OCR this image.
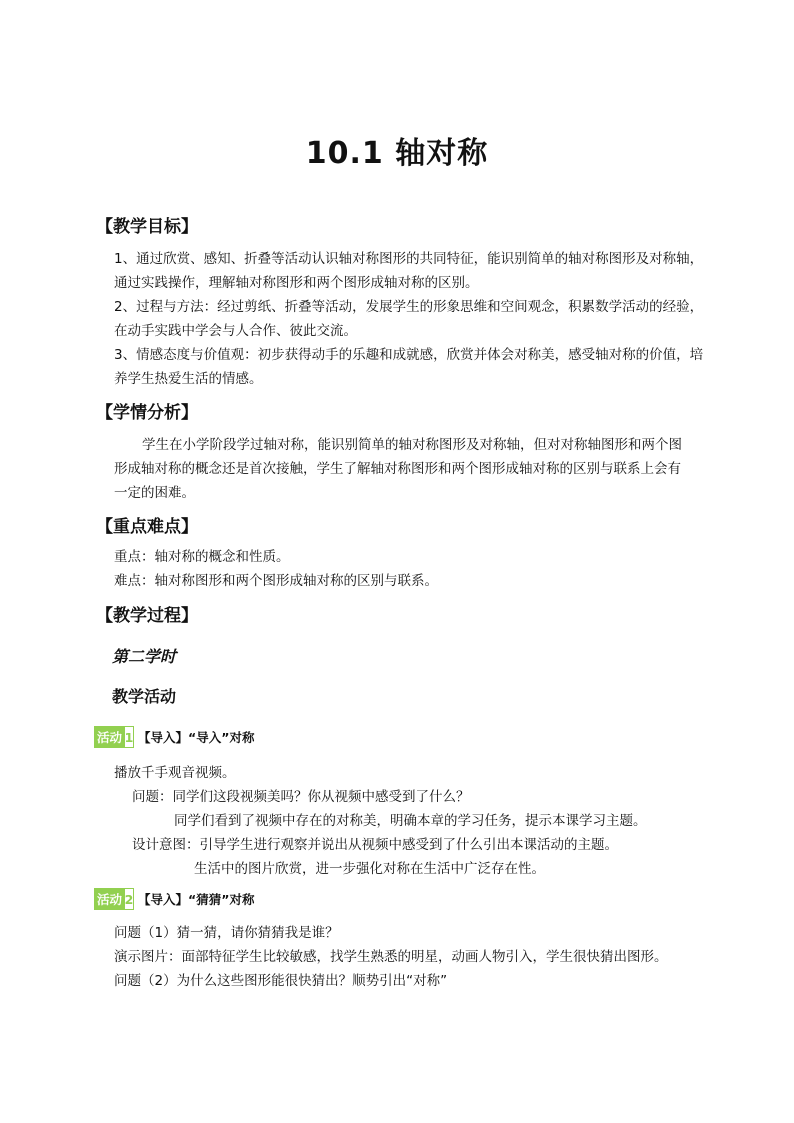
10.1 轴对称
【教学目标】
1、通过欣赏、感知、折叠等活动认识轴对称图形的共同特征，能识别简单的轴对称图形及对称轴，
通过实践操作，理解轴对称图形和两个图形成轴对称的区别。
2、过程与方法：经过剪纸、折叠等活动，发展学生的形象思维和空间观念，积累数学活动的经验，
在动手实践中学会与人合作、彼此交流。
3、情感态度与价值观：初步获得动手的乐趣和成就感，欣赏并体会对称美，感受轴对称的价值，培
养学生热爱生活的情感。
【学情分析】
学生在小学阶段学过轴对称，能识别简单的轴对称图形及对称轴，但对对称轴图形和两个图
形成轴对称的概念还是首次接触，学生了解轴对称图形和两个图形成轴对称的区别与联系上会有
一定的困难。
【重点难点】
重点：轴对称的概念和性质。
难点：轴对称图形和两个图形成轴对称的区别与联系。
【教学过程】
第二学时
教学活动
活动 1 【导入】“导入”对称
播放千手观音视频。
问题：同学们这段视频美吗？你从视频中感受到了什么？
同学们看到了视频中存在的对称美，明确本章的学习任务，提示本课学习主题。
设计意图：引导学生进行观察并说出从视频中感受到了什么引出本课活动的主题。
生活中的图片欣赏，进一步强化对称在生活中广泛存在性。
活动 2 【导入】“猜猜”对称
问题（1）猜一猜，请你猜猜我是谁？
演示图片：面部特征学生比较敏感，找学生熟悉的明星，动画人物引入，学生很快猜出图形。
问题（2）为什么这些图形能很快猜出？顺势引出“对称”
